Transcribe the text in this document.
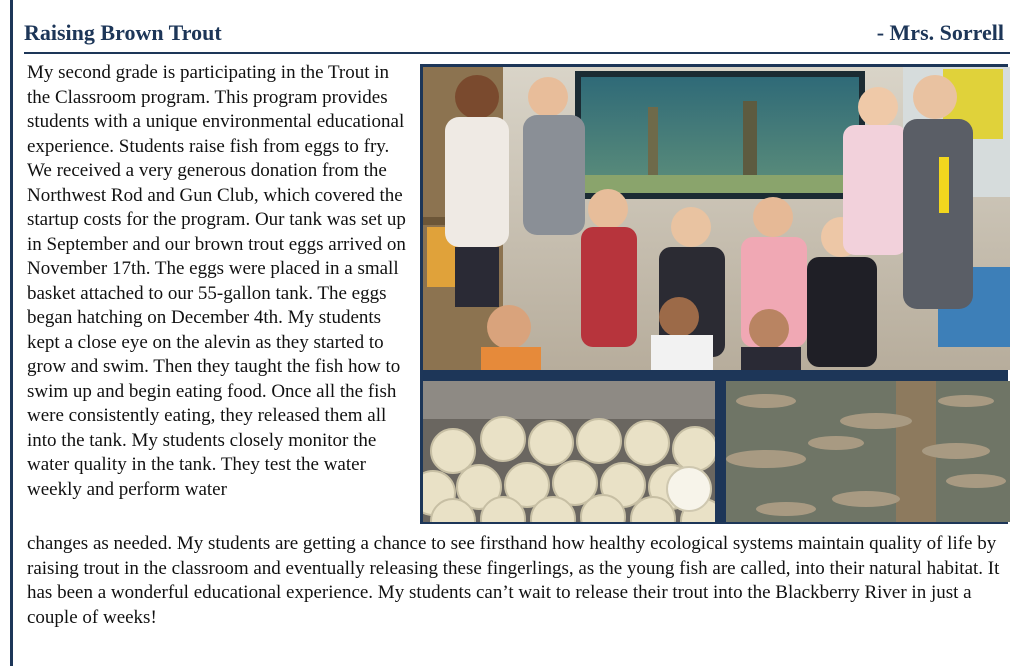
Raising Brown Trout	- Mrs. Sorrell

My second grade is participating in the Trout in the Classroom program. This program provides students with a unique environmental educational experience. Students raise fish from eggs to fry. We received a very generous donation from the Northwest Rod and Gun Club, which covered the startup costs for the program. Our tank was set up in September and our brown trout eggs arrived on November 17th. The eggs were placed in a small basket attached to our 55-gallon tank. The eggs began hatching on December 4th. My students kept a close eye on the alevin as they started to grow and swim. Then they taught the fish how to swim up and begin eating food. Once all the fish were consistently eating, they released them all into the tank. My students closely monitor the water quality in the tank. They test the water weekly and perform water

changes as needed. My students are getting a chance to see firsthand how healthy ecological systems maintain quality of life by raising trout in the classroom and eventually releasing these fingerlings, as the young fish are called, into their natural habitat. It has been a wonderful educational experience. My students can’t wait to release their trout into the Blackberry River in just a couple of weeks!
